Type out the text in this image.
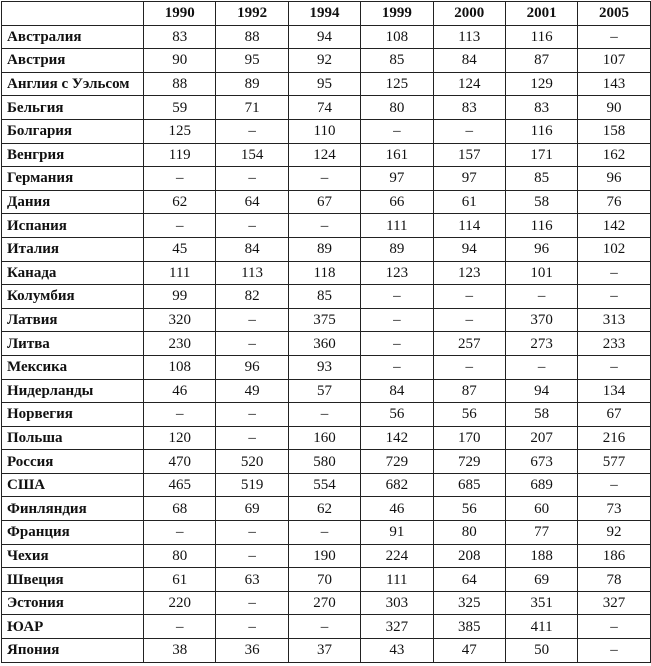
	1990	1992	1994	1999	2000	2001	2005
Австралия	83	88	94	108	113	116	–
Австрия	90	95	92	85	84	87	107
Англия с Уэльсом	88	89	95	125	124	129	143
Бельгия	59	71	74	80	83	83	90
Болгария	125	–	110	–	–	116	158
Венгрия	119	154	124	161	157	171	162
Германия	–	–	–	97	97	85	96
Дания	62	64	67	66	61	58	76
Испания	–	–	–	111	114	116	142
Италия	45	84	89	89	94	96	102
Канада	111	113	118	123	123	101	–
Колумбия	99	82	85	–	–	–	–
Латвия	320	–	375	–	–	370	313
Литва	230	–	360	–	257	273	233
Мексика	108	96	93	–	–	–	–
Нидерланды	46	49	57	84	87	94	134
Норвегия	–	–	–	56	56	58	67
Польша	120	–	160	142	170	207	216
Россия	470	520	580	729	729	673	577
США	465	519	554	682	685	689	–
Финляндия	68	69	62	46	56	60	73
Франция	–	–	–	91	80	77	92
Чехия	80	–	190	224	208	188	186
Швеция	61	63	70	111	64	69	78
Эстония	220	–	270	303	325	351	327
ЮАР	–	–	–	327	385	411	–
Япония	38	36	37	43	47	50	–
